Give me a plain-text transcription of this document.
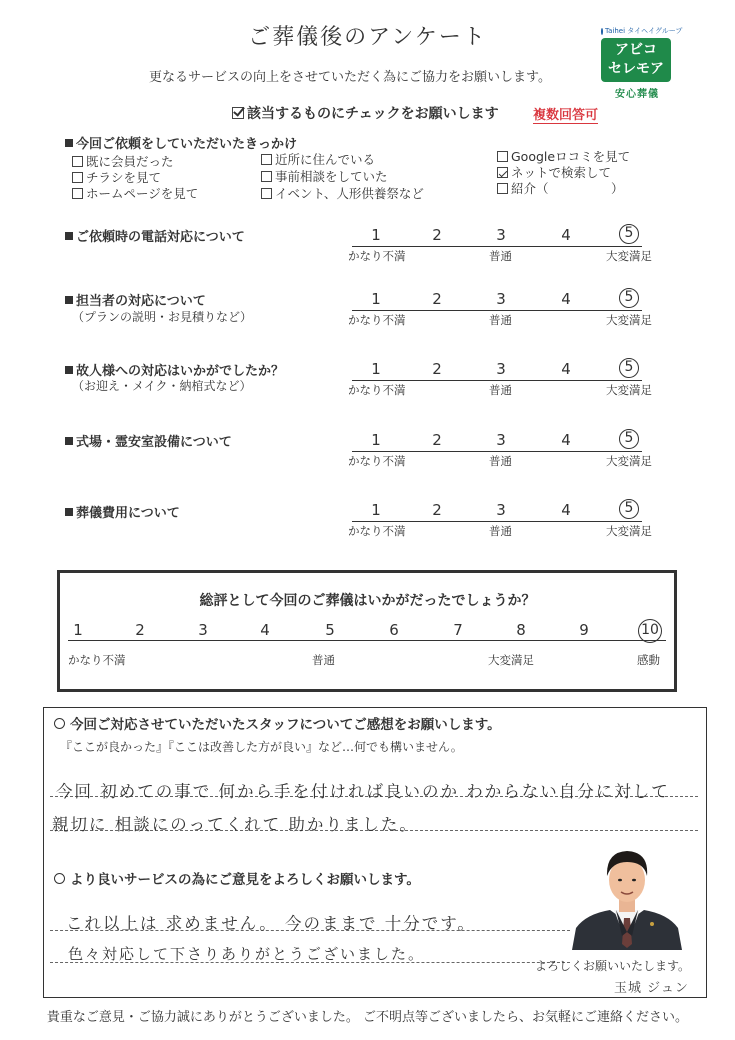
ご葬儀後のアンケート
更なるサービスの向上をさせていただく為にご協力をお願いします。
該当するものにチェックをお願いします	複数回答可
Taihei タイヘイグループ
アビコ
セレモア
安心葬儀
今回ご依頼をしていただいたきっかけ
既に会員だった
チラシを見て
ホームページを見て
近所に住んでいる
事前相談をしていた
イベント、人形供養祭など
Googleロコミを見て
ネットで検索して
紹介（　　　　　）
ご依頼時の電話対応について
担当者の対応について
（プランの説明・お見積りなど）
故人様への対応はいかがでしたか？
（お迎え・メイク・納棺式など）
式場・霊安室設備について
葬儀費用について
1	2	3	4	5
かなり不満	普通	大変満足
1	2	3	4	5
かなり不満	普通	大変満足
1	2	3	4	5
かなり不満	普通	大変満足
1	2	3	4	5
かなり不満	普通	大変満足
1	2	3	4	5
かなり不満	普通	大変満足
総評として今回のご葬儀はいかがだったでしょうか？
1	2	3	4	5	6	7	8	9	10
かなり不満	普通	大変満足	感動
今回ご対応させていただいたスタッフについてご感想をお願いします。
『ここが良かった』『ここは改善した方が良い』など…何でも構いません。
今回 初めての事で 何から手を付ければ良いのか わからない自分に対して
親切に 相談にのってくれて 助かりました。
より良いサービスの為にご意見をよろしくお願いします。
これ以上は 求めません。 今のままで 十分です。
色々対応して下さりありがとうございました。
よろしくお願いいたします。
玉城 ジュン
貴重なご意見・ご協力誠にありがとうございました。 ご不明点等ございましたら、お気軽にご連絡ください。
